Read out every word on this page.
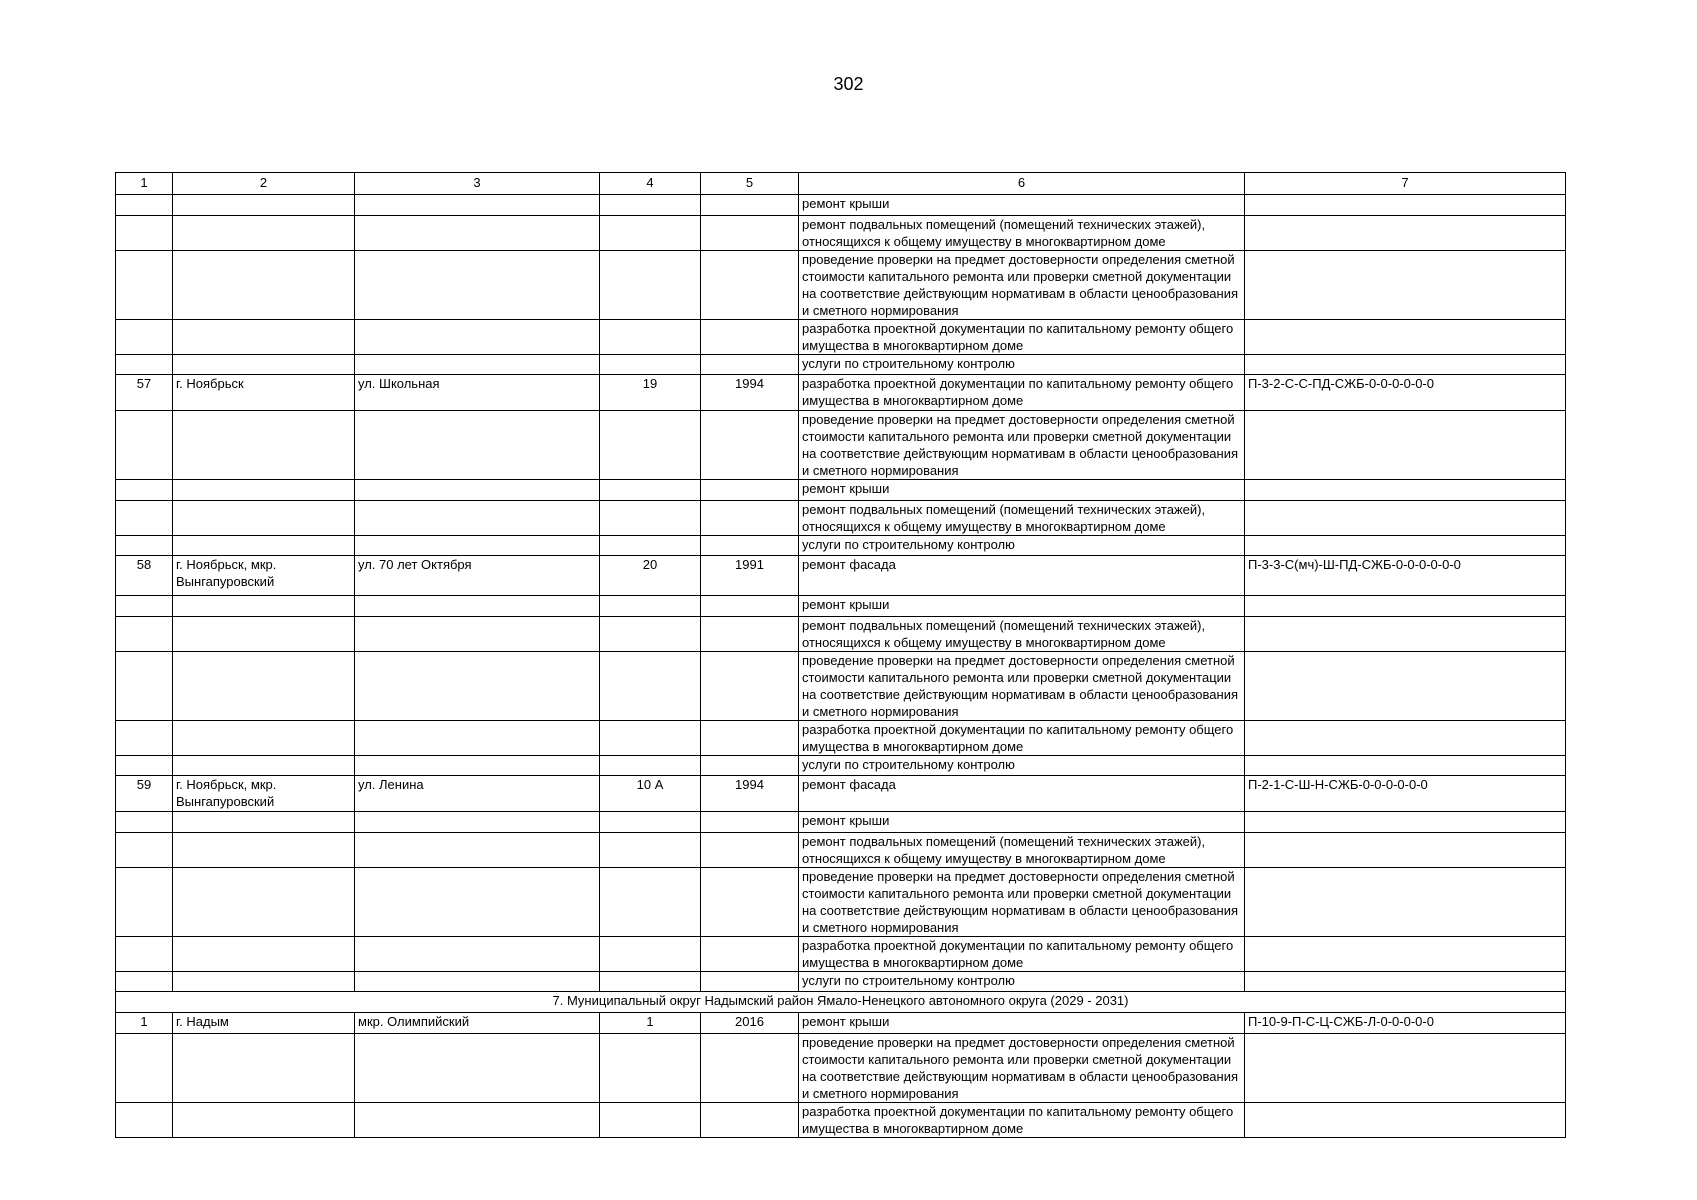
302
1	2	3	4	5	6	7
					ремонт крыши	
					ремонт подвальных помещений (помещений технических этажей), относящихся к общему имуществу в многоквартирном доме	
					проведение проверки на предмет достоверности определения сметной стоимости капитального ремонта или проверки сметной документации на соответствие действующим нормативам в области ценообразования и сметного нормирования	
					разработка проектной документации по капитальному ремонту общего имущества в многоквартирном доме	
					услуги по строительному контролю	
57	г. Ноябрьск	ул. Школьная	19	1994	разработка проектной документации по капитальному ремонту общего имущества в многоквартирном доме	П-3-2-С-С-ПД-СЖБ-0-0-0-0-0-0
					проведение проверки на предмет достоверности определения сметной стоимости капитального ремонта или проверки сметной документации на соответствие действующим нормативам в области ценообразования и сметного нормирования	
					ремонт крыши	
					ремонт подвальных помещений (помещений технических этажей), относящихся к общему имуществу в многоквартирном доме	
					услуги по строительному контролю	
58	г. Ноябрьск, мкр. Вынгапуровский	ул. 70 лет Октября	20	1991	ремонт фасада	П-3-3-С(мч)-Ш-ПД-СЖБ-0-0-0-0-0-0
					ремонт крыши	
					ремонт подвальных помещений (помещений технических этажей), относящихся к общему имуществу в многоквартирном доме	
					проведение проверки на предмет достоверности определения сметной стоимости капитального ремонта или проверки сметной документации на соответствие действующим нормативам в области ценообразования и сметного нормирования	
					разработка проектной документации по капитальному ремонту общего имущества в многоквартирном доме	
					услуги по строительному контролю	
59	г. Ноябрьск, мкр. Вынгапуровский	ул. Ленина	10 А	1994	ремонт фасада	П-2-1-С-Ш-Н-СЖБ-0-0-0-0-0-0
					ремонт крыши	
					ремонт подвальных помещений (помещений технических этажей), относящихся к общему имуществу в многоквартирном доме	
					проведение проверки на предмет достоверности определения сметной стоимости капитального ремонта или проверки сметной документации на соответствие действующим нормативам в области ценообразования и сметного нормирования	
					разработка проектной документации по капитальному ремонту общего имущества в многоквартирном доме	
					услуги по строительному контролю	
7. Муниципальный округ Надымский район Ямало-Ненецкого автономного округа (2029 - 2031)						
1	г. Надым	мкр. Олимпийский	1	2016	ремонт крыши	П-10-9-П-С-Ц-СЖБ-Л-0-0-0-0-0
					проведение проверки на предмет достоверности определения сметной стоимости капитального ремонта или проверки сметной документации на соответствие действующим нормативам в области ценообразования и сметного нормирования	
					разработка проектной документации по капитальному ремонту общего имущества в многоквартирном доме	
